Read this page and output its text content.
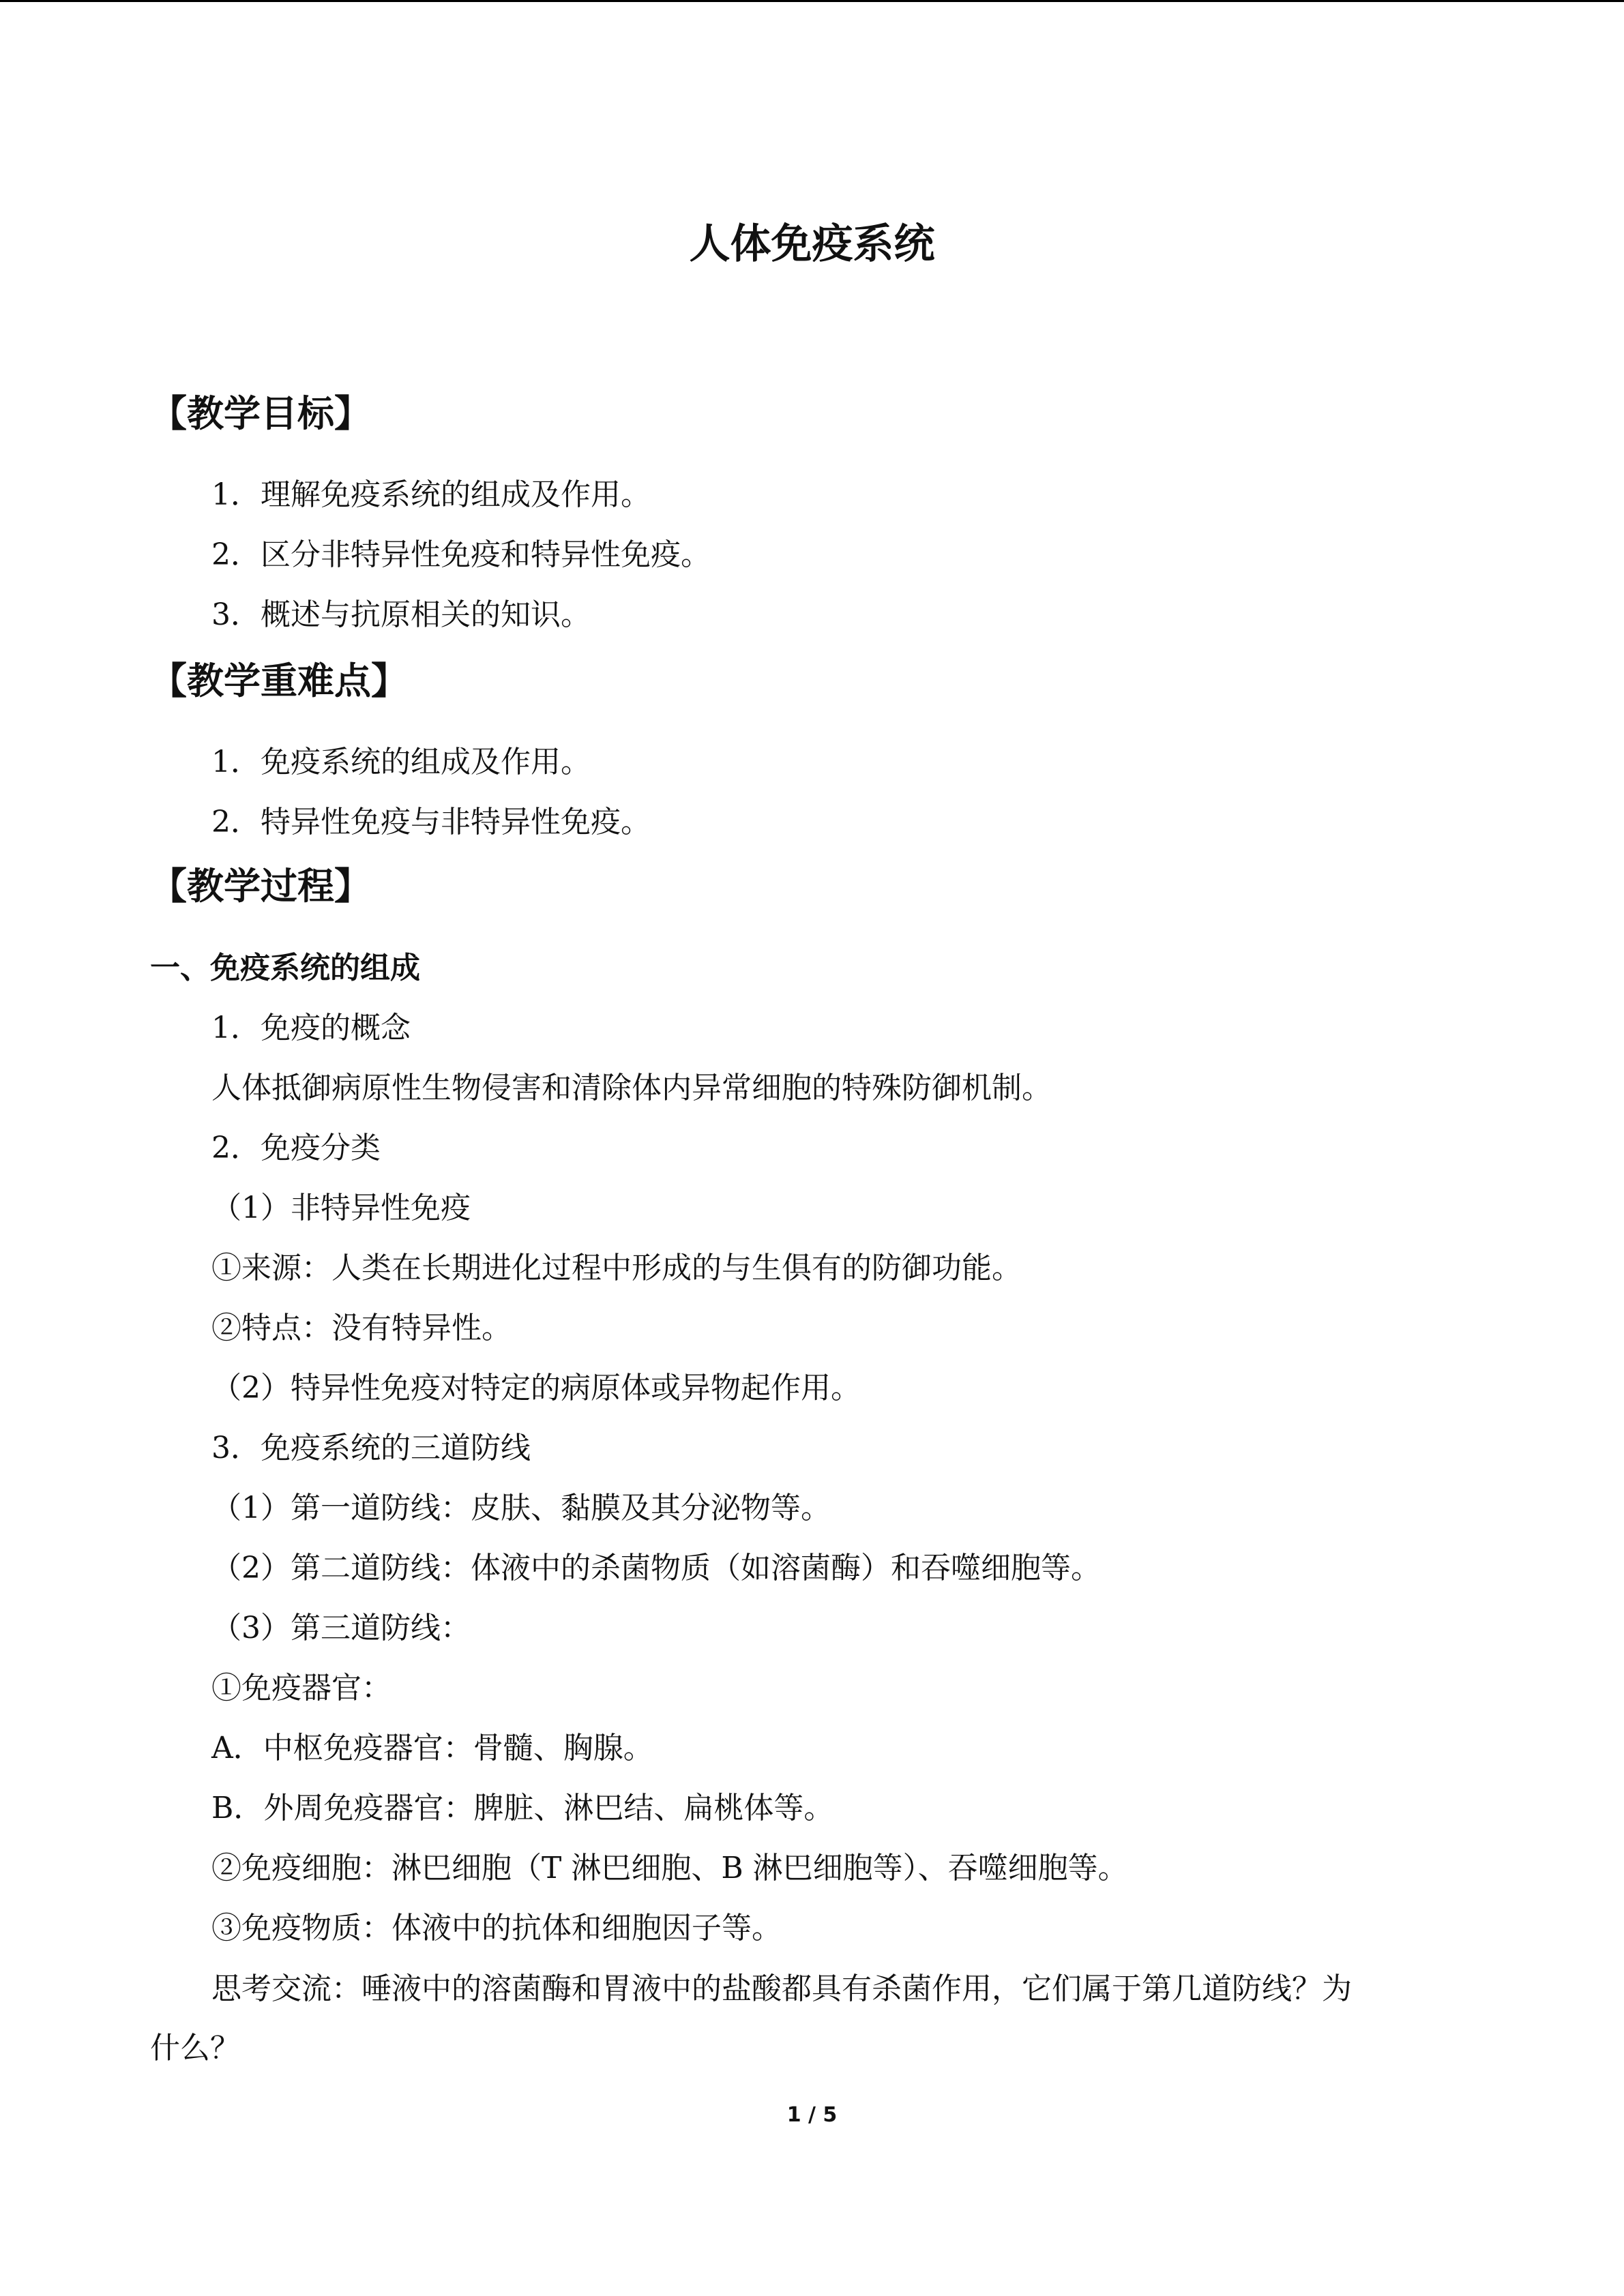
人体免疫系统
【教学目标】
1．理解免疫系统的组成及作用。
2．区分非特异性免疫和特异性免疫。
3．概述与抗原相关的知识。
【教学重难点】
1．免疫系统的组成及作用。
2．特异性免疫与非特异性免疫。
【教学过程】
一、免疫系统的组成
1．免疫的概念
人体抵御病原性生物侵害和清除体内异常细胞的特殊防御机制。
2．免疫分类
（1）非特异性免疫
①来源：人类在长期进化过程中形成的与生俱有的防御功能。
②特点：没有特异性。
（2）特异性免疫对特定的病原体或异物起作用。
3．免疫系统的三道防线
（1）第一道防线：皮肤、黏膜及其分泌物等。
（2）第二道防线：体液中的杀菌物质（如溶菌酶）和吞噬细胞等。
（3）第三道防线：
①免疫器官：
A．中枢免疫器官：骨髓、胸腺。
B．外周免疫器官：脾脏、淋巴结、扁桃体等。
②免疫细胞：淋巴细胞（T 淋巴细胞、B 淋巴细胞等）、吞噬细胞等。
③免疫物质：体液中的抗体和细胞因子等。
思考交流：唾液中的溶菌酶和胃液中的盐酸都具有杀菌作用，它们属于第几道防线？为
什么？
1 / 5
